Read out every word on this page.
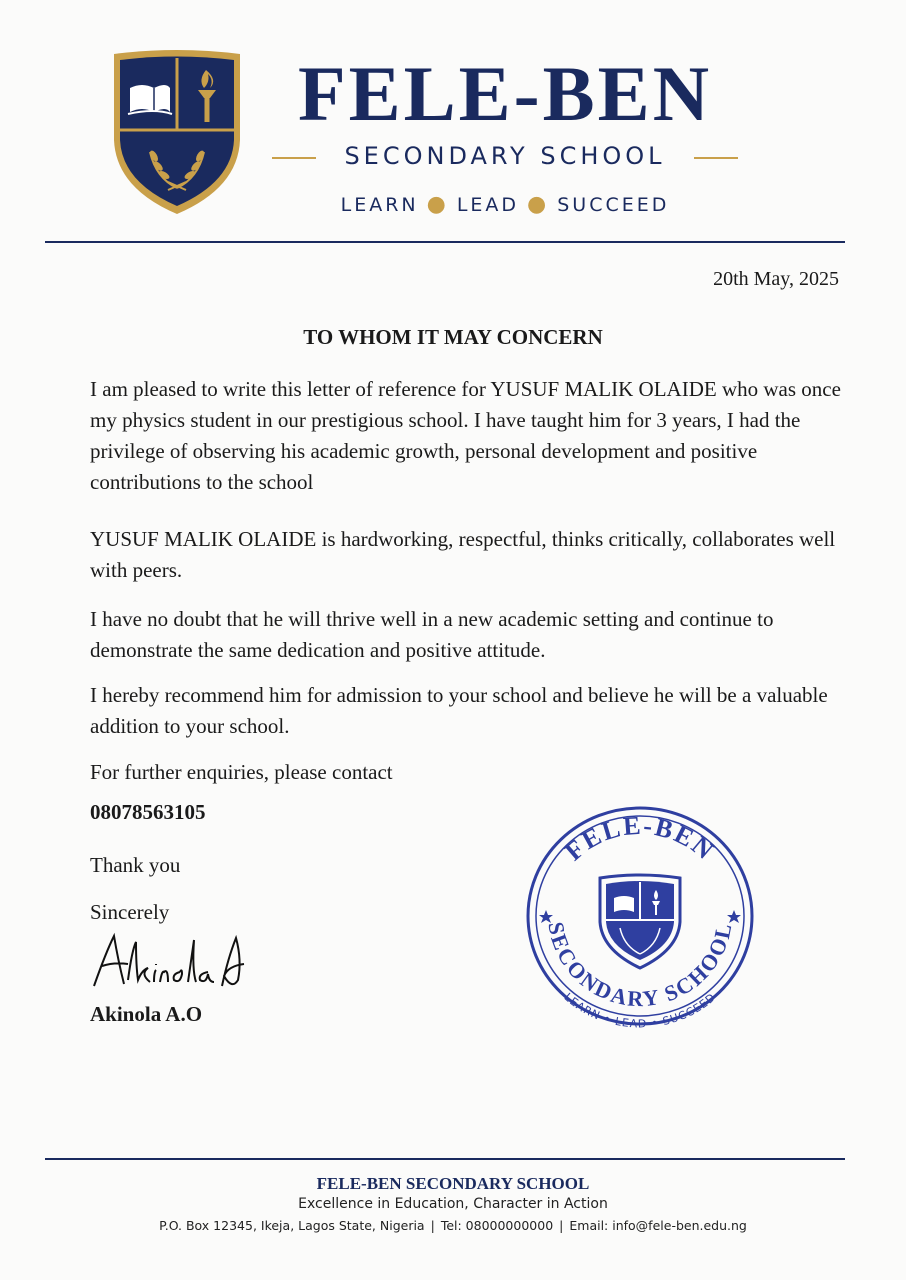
FELE-BEN
SECONDARY SCHOOL
LEARN ● LEAD ● SUCCEED
20th May, 2025
TO WHOM IT MAY CONCERN

I am pleased to write this letter of reference for YUSUF MALIK OLAIDE who was once my physics student in our prestigious school. I have taught him for 3 years, I had the privilege of observing his academic growth, personal development and positive contributions to the school

YUSUF MALIK OLAIDE is hardworking, respectful, thinks critically, collaborates well with peers.

I have no doubt that he will thrive well in a new academic setting and continue to demonstrate the same dedication and positive attitude.

I hereby recommend him for admission to your school and believe he will be a valuable addition to your school.

For further enquiries, please contact
08078563105
Thank you
Sincerely
Akinola A.O
FELE-BEN
SECONDARY SCHOOL
LEARN • LEAD • SUCCEED
FELE-BEN SECONDARY SCHOOL
Excellence in Education, Character in Action
P.O. Box 12345, Ikeja, Lagos State, Nigeria | Tel: 08000000000 | Email: info@fele-ben.edu.ng
